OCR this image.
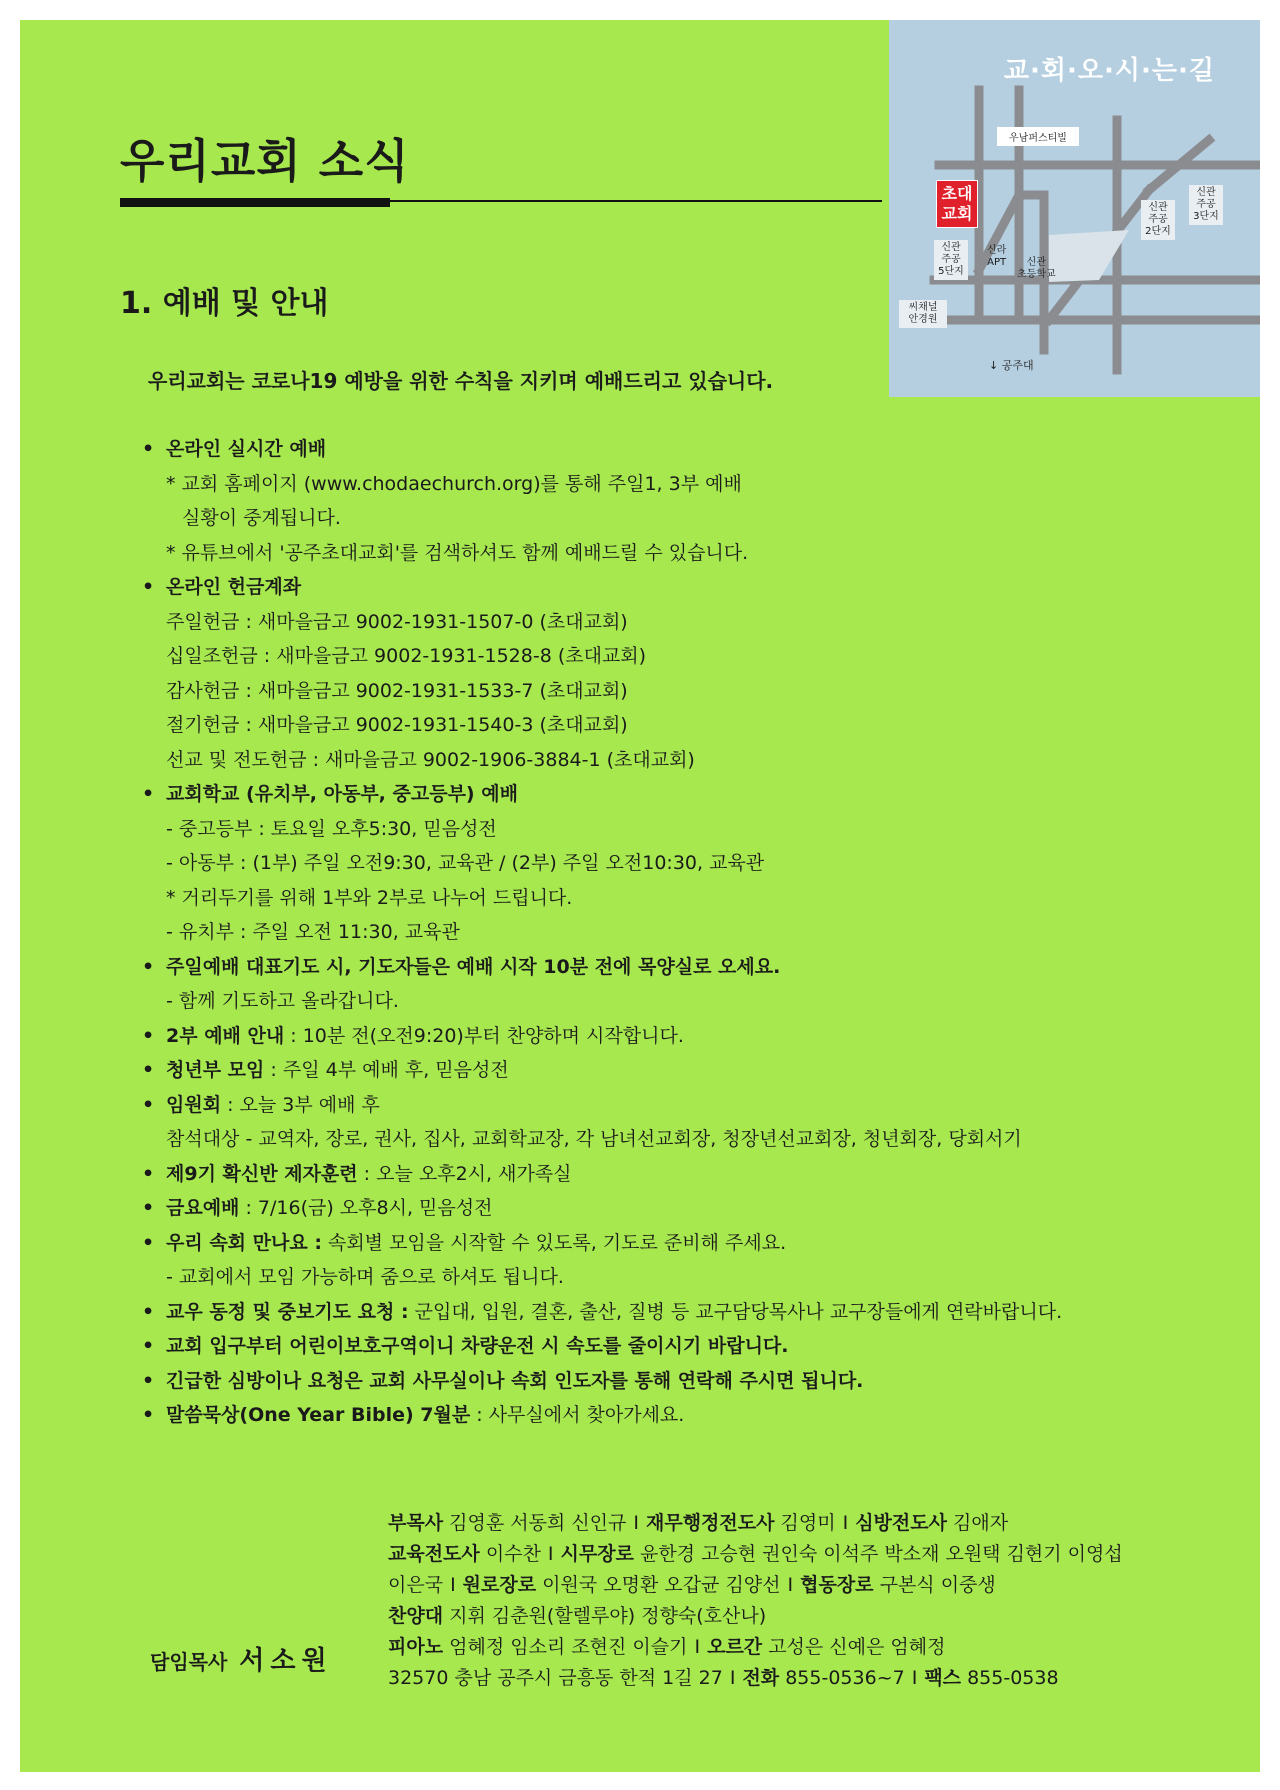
교·회·오·시·는·길
우남퍼스티빌
초대
교회
신관
주공
5단지
신라
APT	신관
초등학교
신관
주공
2단지
신관
주공
3단지
씨채널
안경원
↓ 공주대
우리교회 소식
1. 예배 및 안내
우리교회는 코로나19 예방을 위한 수칙을 지키며 예배드리고 있습니다.
• 온라인 실시간 예배
* 교회 홈페이지 (www.chodaechurch.org)를 통해 주일1, 3부 예배
실황이 중계됩니다.
* 유튜브에서 '공주초대교회'를 검색하셔도 함께 예배드릴 수 있습니다.
• 온라인 헌금계좌
주일헌금 : 새마을금고 9002-1931-1507-0 (초대교회)
십일조헌금 : 새마을금고 9002-1931-1528-8 (초대교회)
감사헌금 : 새마을금고 9002-1931-1533-7 (초대교회)
절기헌금 : 새마을금고 9002-1931-1540-3 (초대교회)
선교 및 전도헌금 : 새마을금고 9002-1906-3884-1 (초대교회)
• 교회학교 (유치부, 아동부, 중고등부) 예배
- 중고등부 : 토요일 오후5:30, 믿음성전
- 아동부 : (1부) 주일 오전9:30, 교육관 / (2부) 주일 오전10:30, 교육관
* 거리두기를 위해 1부와 2부로 나누어 드립니다.
- 유치부 : 주일 오전 11:30, 교육관
• 주일예배 대표기도 시, 기도자들은 예배 시작 10분 전에 목양실로 오세요.
- 함께 기도하고 올라갑니다.
• 2부 예배 안내 : 10분 전(오전9:20)부터 찬양하며 시작합니다.
• 청년부 모임 : 주일 4부 예배 후, 믿음성전
• 임원회 : 오늘 3부 예배 후
참석대상 - 교역자, 장로, 권사, 집사, 교회학교장, 각 남녀선교회장, 청장년선교회장, 청년회장, 당회서기
• 제9기 확신반 제자훈련 : 오늘 오후2시, 새가족실
• 금요예배 : 7/16(금) 오후8시, 믿음성전
• 우리 속회 만나요 : 속회별 모임을 시작할 수 있도록, 기도로 준비해 주세요.
- 교회에서 모임 가능하며 줌으로 하셔도 됩니다.
• 교우 동정 및 중보기도 요청 : 군입대, 입원, 결혼, 출산, 질병 등 교구담당목사나 교구장들에게 연락바랍니다.
• 교회 입구부터 어린이보호구역이니 차량운전 시 속도를 줄이시기 바랍니다.
• 긴급한 심방이나 요청은 교회 사무실이나 속회 인도자를 통해 연락해 주시면 됩니다.
• 말씀묵상(One Year Bible) 7월분 : 사무실에서 찾아가세요.
부목사 김영훈 서동희 신인규 I 재무행정전도사 김영미 I 심방전도사 김애자
교육전도사 이수찬 I 시무장로 윤한경 고승현 권인숙 이석주 박소재 오원택 김현기 이영섭
이은국 I 원로장로 이원국 오명환 오갑균 김양선 I 협동장로 구본식 이중생
찬양대 지휘 김춘원(할렐루야) 정향숙(호산나)
피아노 엄혜정 임소리 조현진 이슬기 I 오르간 고성은 신예은 엄혜정
32570 충남 공주시 금흥동 한적 1길 27 I 전화 855-0536~7 I 팩스 855-0538
담임목사 서소원
